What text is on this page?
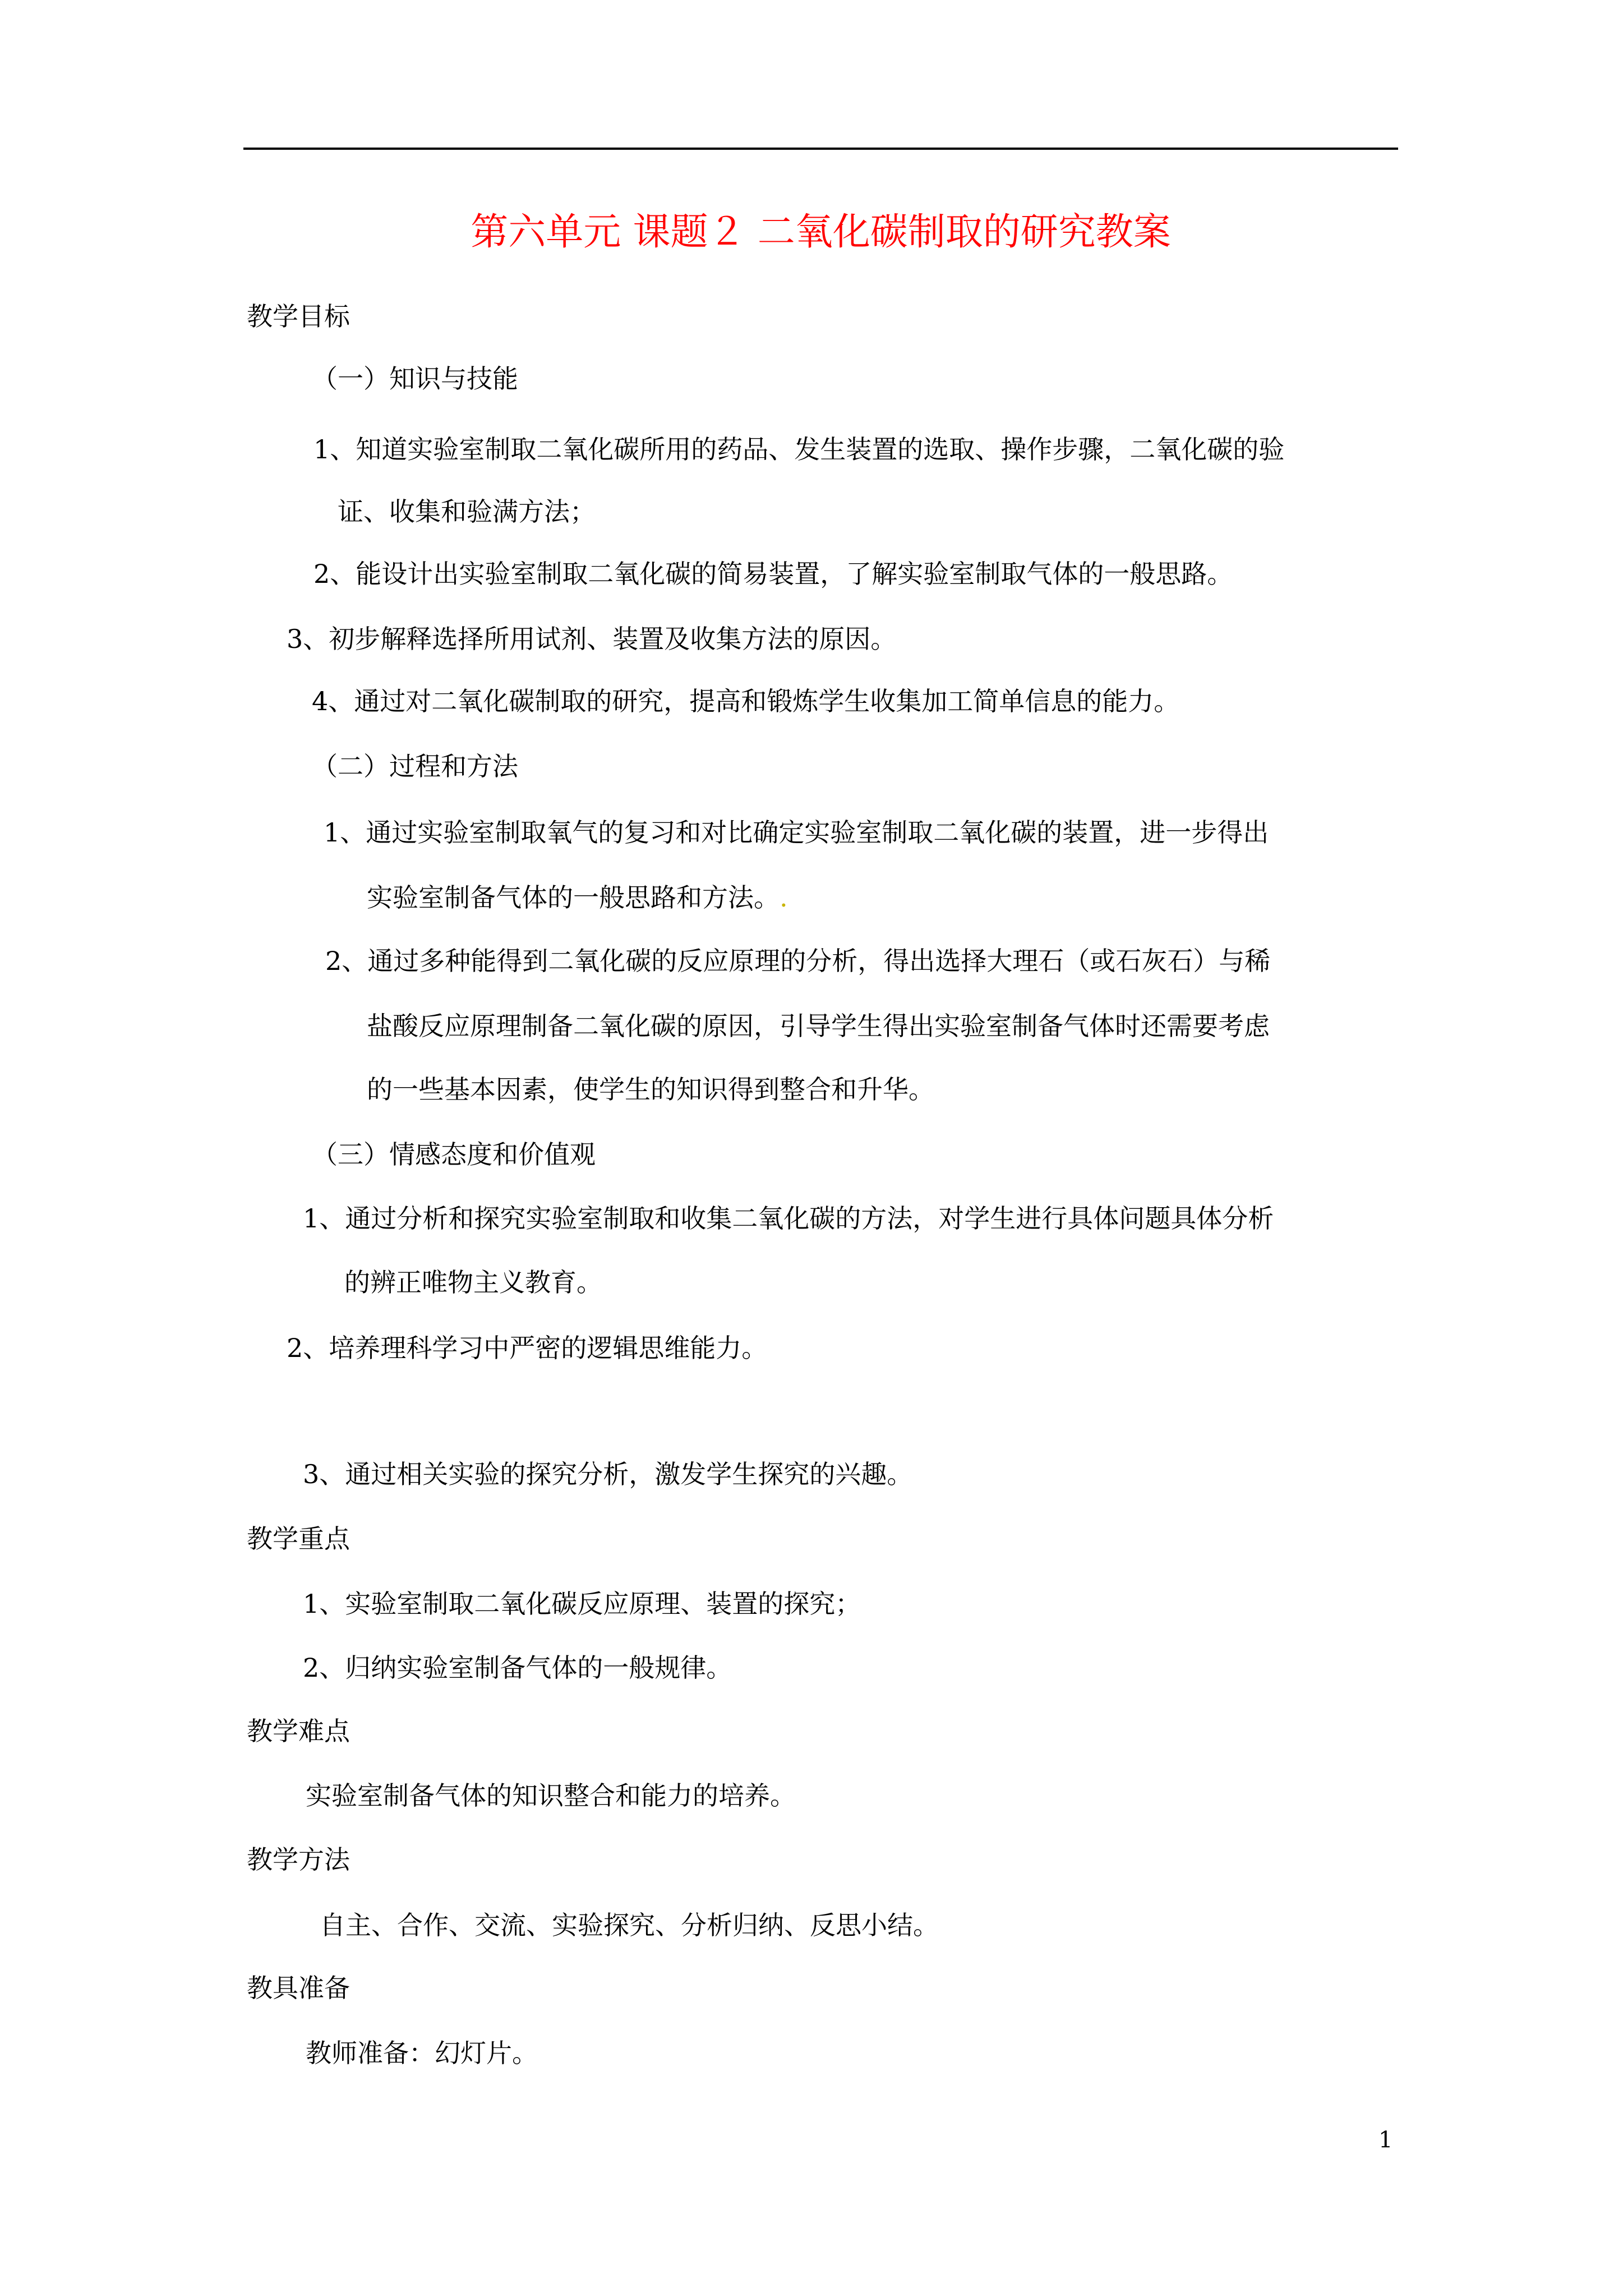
第六单元 课题２ 二氧化碳制取的研究教案
教学目标
（一）知识与技能
1、知道实验室制取二氧化碳所用的药品、发生装置的选取、操作步骤，二氧化碳的验
证、收集和验满方法；
2、能设计出实验室制取二氧化碳的简易装置，了解实验室制取气体的一般思路。
3、初步解释选择所用试剂、装置及收集方法的原因。
4、通过对二氧化碳制取的研究，提高和锻炼学生收集加工简单信息的能力。
（二）过程和方法
1、通过实验室制取氧气的复习和对比确定实验室制取二氧化碳的装置，进一步得出
实验室制备气体的一般思路和方法。.
2、通过多种能得到二氧化碳的反应原理的分析，得出选择大理石（或石灰石）与稀
盐酸反应原理制备二氧化碳的原因，引导学生得出实验室制备气体时还需要考虑
的一些基本因素，使学生的知识得到整合和升华。
（三）情感态度和价值观
1、通过分析和探究实验室制取和收集二氧化碳的方法，对学生进行具体问题具体分析
的辨正唯物主义教育。
2、培养理科学习中严密的逻辑思维能力。
3、通过相关实验的探究分析，激发学生探究的兴趣。
教学重点
1、实验室制取二氧化碳反应原理、装置的探究；
2、归纳实验室制备气体的一般规律。
教学难点
实验室制备气体的知识整合和能力的培养。
教学方法
自主、合作、交流、实验探究、分析归纳、反思小结。
教具准备
教师准备：幻灯片。
1
